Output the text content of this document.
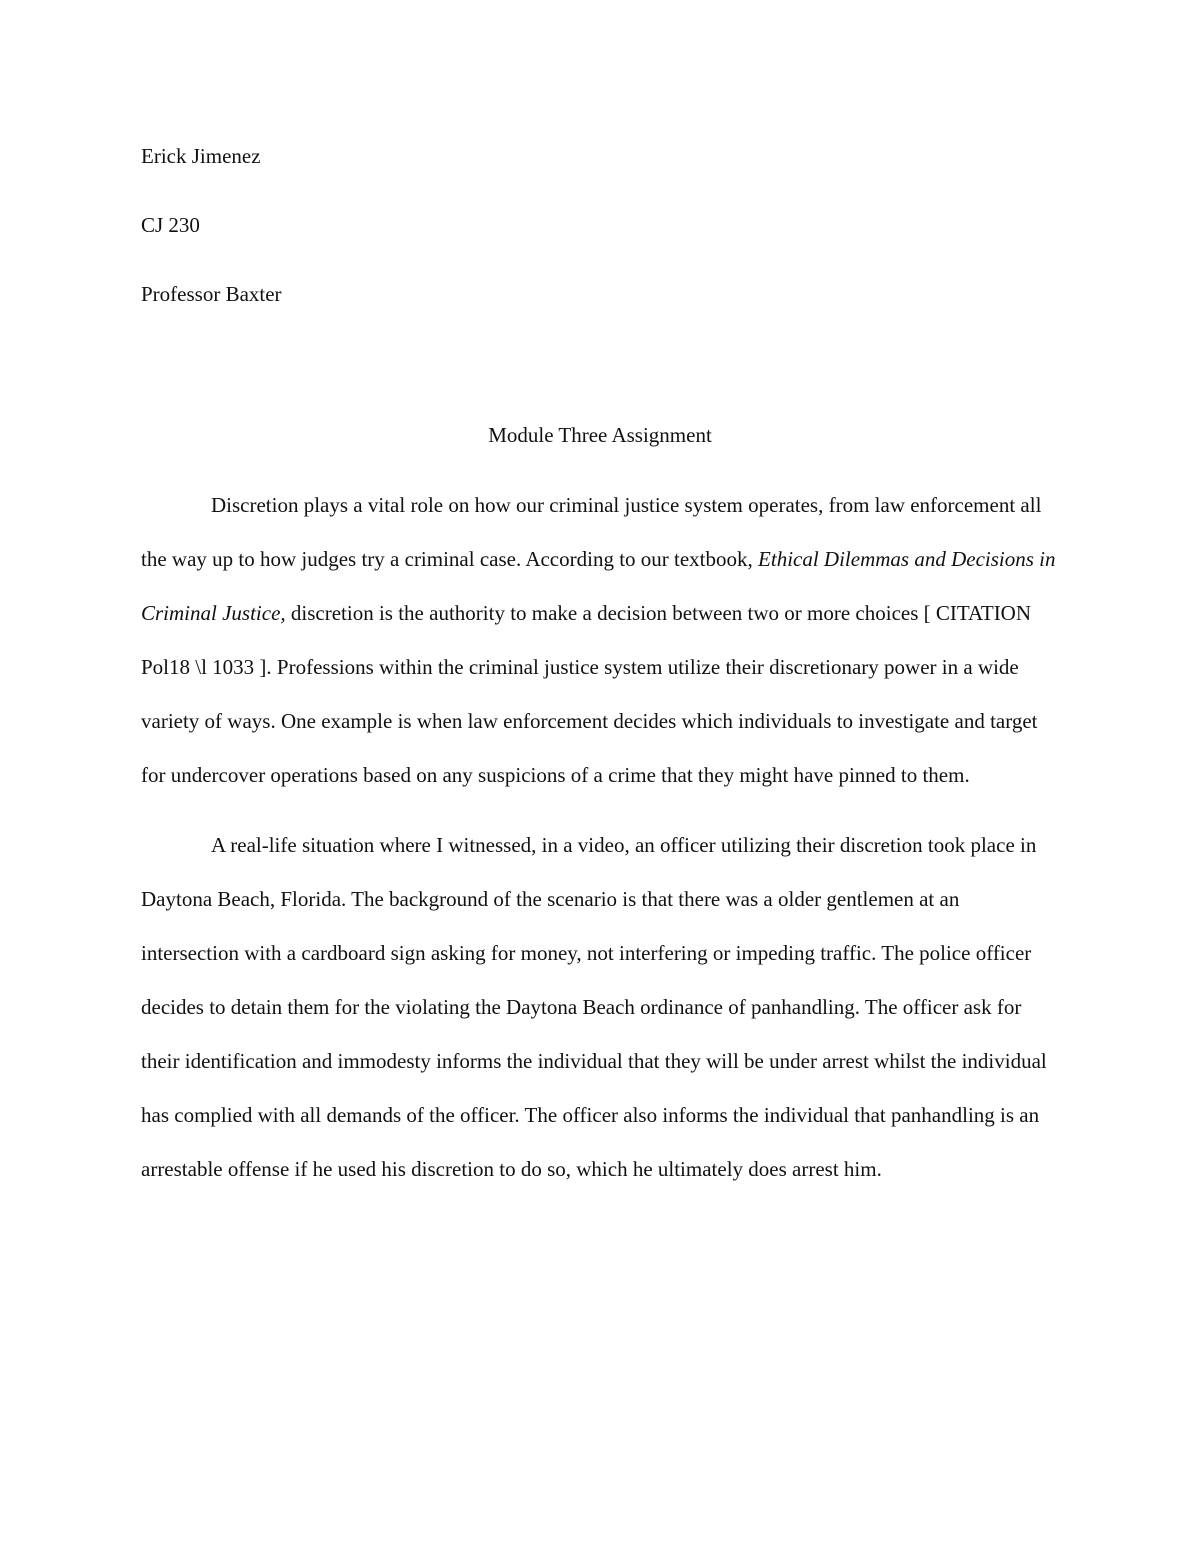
Erick Jimenez

CJ 230

Professor Baxter

Module Three Assignment

Discretion plays a vital role on how our criminal justice system operates, from law enforcement all the way up to how judges try a criminal case. According to our textbook, Ethical Dilemmas and Decisions in Criminal Justice, discretion is the authority to make a decision between two or more choices [ CITATION Pol18 \l 1033 ]. Professions within the criminal justice system utilize their discretionary power in a wide variety of ways. One example is when law enforcement decides which individuals to investigate and target for undercover operations based on any suspicions of a crime that they might have pinned to them.

A real-life situation where I witnessed, in a video, an officer utilizing their discretion took place in Daytona Beach, Florida. The background of the scenario is that there was a older gentlemen at an intersection with a cardboard sign asking for money, not interfering or impeding traffic. The police officer decides to detain them for the violating the Daytona Beach ordinance of panhandling. The officer ask for their identification and immodesty informs the individual that they will be under arrest whilst the individual has complied with all demands of the officer. The officer also informs the individual that panhandling is an arrestable offense if he used his discretion to do so, which he ultimately does arrest him.
